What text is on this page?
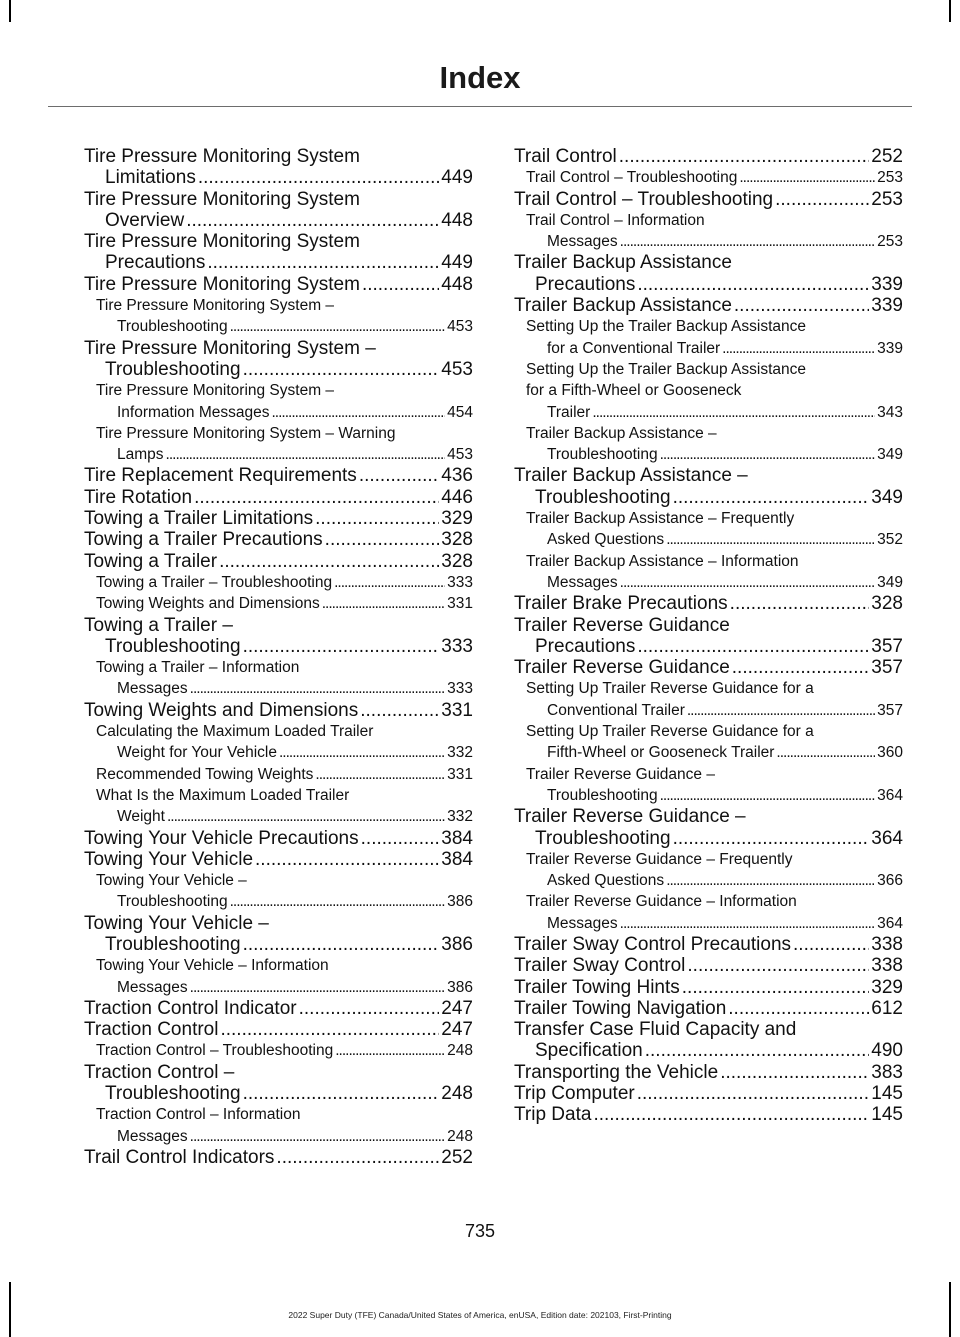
Index
Tire Pressure Monitoring System
Limitations .....	449
Tire Pressure Monitoring System
Overview .....	448
Tire Pressure Monitoring System
Precautions .....	449
Tire Pressure Monitoring System .....	448
Tire Pressure Monitoring System –
Troubleshooting .....	453
Tire Pressure Monitoring System –
Troubleshooting .....	453
Tire Pressure Monitoring System –
Information Messages .....	454
Tire Pressure Monitoring System – Warning
Lamps .....	453
Tire Replacement Requirements .....	436
Tire Rotation .....	446
Towing a Trailer Limitations .....	329
Towing a Trailer Precautions .....	328
Towing a Trailer .....	328
Towing a Trailer – Troubleshooting .....	333
Towing Weights and Dimensions .....	331
Towing a Trailer –
Troubleshooting .....	333
Towing a Trailer – Information
Messages .....	333
Towing Weights and Dimensions .....	331
Calculating the Maximum Loaded Trailer
Weight for Your Vehicle .....	332
Recommended Towing Weights .....	331
What Is the Maximum Loaded Trailer
Weight .....	332
Towing Your Vehicle Precautions .....	384
Towing Your Vehicle .....	384
Towing Your Vehicle –
Troubleshooting .....	386
Towing Your Vehicle –
Troubleshooting .....	386
Towing Your Vehicle – Information
Messages .....	386
Traction Control Indicator .....	247
Traction Control .....	247
Traction Control – Troubleshooting .....	248
Traction Control –
Troubleshooting .....	248
Traction Control – Information
Messages .....	248
Trail Control Indicators .....	252
Trail Control .....	252
Trail Control – Troubleshooting .....	253
Trail Control – Troubleshooting .....	253
Trail Control – Information
Messages .....	253
Trailer Backup Assistance
Precautions .....	339
Trailer Backup Assistance .....	339
Setting Up the Trailer Backup Assistance
for a Conventional Trailer .....	339
Setting Up the Trailer Backup Assistance
for a Fifth-Wheel or Gooseneck
Trailer .....	343
Trailer Backup Assistance –
Troubleshooting .....	349
Trailer Backup Assistance –
Troubleshooting .....	349
Trailer Backup Assistance – Frequently
Asked Questions .....	352
Trailer Backup Assistance – Information
Messages .....	349
Trailer Brake Precautions .....	328
Trailer Reverse Guidance
Precautions .....	357
Trailer Reverse Guidance .....	357
Setting Up Trailer Reverse Guidance for a
Conventional Trailer .....	357
Setting Up Trailer Reverse Guidance for a
Fifth-Wheel or Gooseneck Trailer .....	360
Trailer Reverse Guidance –
Troubleshooting .....	364
Trailer Reverse Guidance –
Troubleshooting .....	364
Trailer Reverse Guidance – Frequently
Asked Questions .....	366
Trailer Reverse Guidance – Information
Messages .....	364
Trailer Sway Control Precautions .....	338
Trailer Sway Control .....	338
Trailer Towing Hints .....	329
Trailer Towing Navigation .....	612
Transfer Case Fluid Capacity and
Specification .....	490
Transporting the Vehicle .....	383
Trip Computer .....	145
Trip Data .....	145
735
2022 Super Duty (TFE) Canada/United States of America, enUSA, Edition date: 202103, First-Printing
